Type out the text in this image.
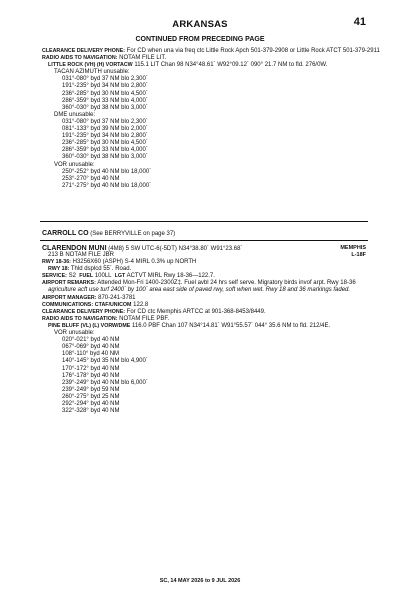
ARKANSAS	41
CONTINUED FROM PRECEDING PAGE
CLEARANCE DELIVERY PHONE: For CD when una via freq ctc Little Rock Apch 501-379-2908 or Little Rock ATCT 501-379-2911
RADIO AIDS TO NAVIGATION: NOTAM FILE LIT.
LITTLE ROCK (VH) (H) VORTACW 115.1 LIT Chan 98 N34°48.61´ W92°09.12´ 090° 21.7 NM to fld. 276/0W.
TACAN AZIMUTH unusable:
031°-080° byd 37 NM blo 2,300´
191°-235° byd 34 NM blo 2,800´
236°-285° byd 30 NM blo 4,500´
286°-359° byd 33 NM blo 4,000´
360°-030° byd 38 NM blo 3,000´
DME unusable:
031°-080° byd 37 NM blo 2,300´
081°-133° byd 39 NM blo 2,000´
191°-235° byd 34 NM blo 2,800´
236°-285° byd 30 NM blo 4,500´
286°-359° byd 33 NM blo 4,000´
360°-030° byd 38 NM blo 3,000´
VOR unusable:
250°-252° byd 40 NM blo 18,000´
253°-270° byd 40 NM
271°-275° byd 40 NM blo 18,000´
CARROLL CO (See BERRYVILLE on page 37)
CLARENDON MUNI (4M8) 5 SW UTC-6(-5DT) N34°38.80´ W91°23.68´	MEMPHIS
L-18F
213 B NOTAM FILE JBR
RWY 18-36: H3256X60 (ASPH) S-4 MIRL 0.3% up NORTH
RWY 18: Thld dsplcd 55´. Road.
SERVICE: S2 FUEL 100LL LGT ACTVT MIRL Rwy 18-36—122.7.
AIRPORT REMARKS: Attended Mon-Fri 1400-2300Z‡. Fuel avbl 24 hrs self serve. Migratory birds invof arpt. Rwy 18-36
agriculture acft use turf 2400´ by 100´ area east side of paved rwy, soft when wet. Rwy 18 and 36 markings faded.
AIRPORT MANAGER: 870-241-3781
COMMUNICATIONS: CTAF/UNICOM 122.8
CLEARANCE DELIVERY PHONE: For CD ctc Memphis ARTCC at 901-368-8453/8449.
RADIO AIDS TO NAVIGATION: NOTAM FILE PBF.
PINE BLUFF (VL) (L) VORW/DME 116.0 PBF Chan 107 N34°14.81´ W91°55.57´ 044° 35.6 NM to fld. 212/4E.
VOR unusable:
020°-021° byd 40 NM
067°-069° byd 40 NM
108°-110° byd 40 NM
140°-145° byd 35 NM blo 4,900´
170°-172° byd 40 NM
176°-178° byd 40 NM
239°-249° byd 40 NM blo 6,000´
239°-249° byd 59 NM
260°-275° byd 25 NM
292°-294° byd 40 NM
322°-328° byd 40 NM
SC, 14 MAY 2026 to 9 JUL 2026
